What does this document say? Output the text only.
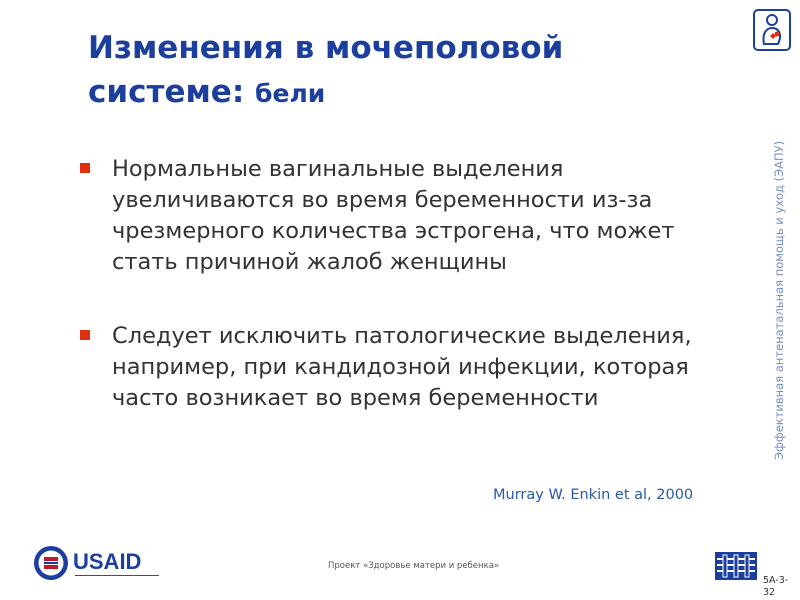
Изменения в мочеполовой системе: бели
Нормальные вагинальные выделения увеличиваются во время беременности из-за чрезмерного количества эстрогена, что может стать причиной жалоб женщины
Следует исключить патологические выделения, например, при кандидозной инфекции, которая часто возникает во время беременности
Murray W. Enkin et al, 2000
Эффективная антенатальная помощь и уход (ЭАПУ)
USAID	Проект «Здоровье матери и ребенка»
5A-3-32
